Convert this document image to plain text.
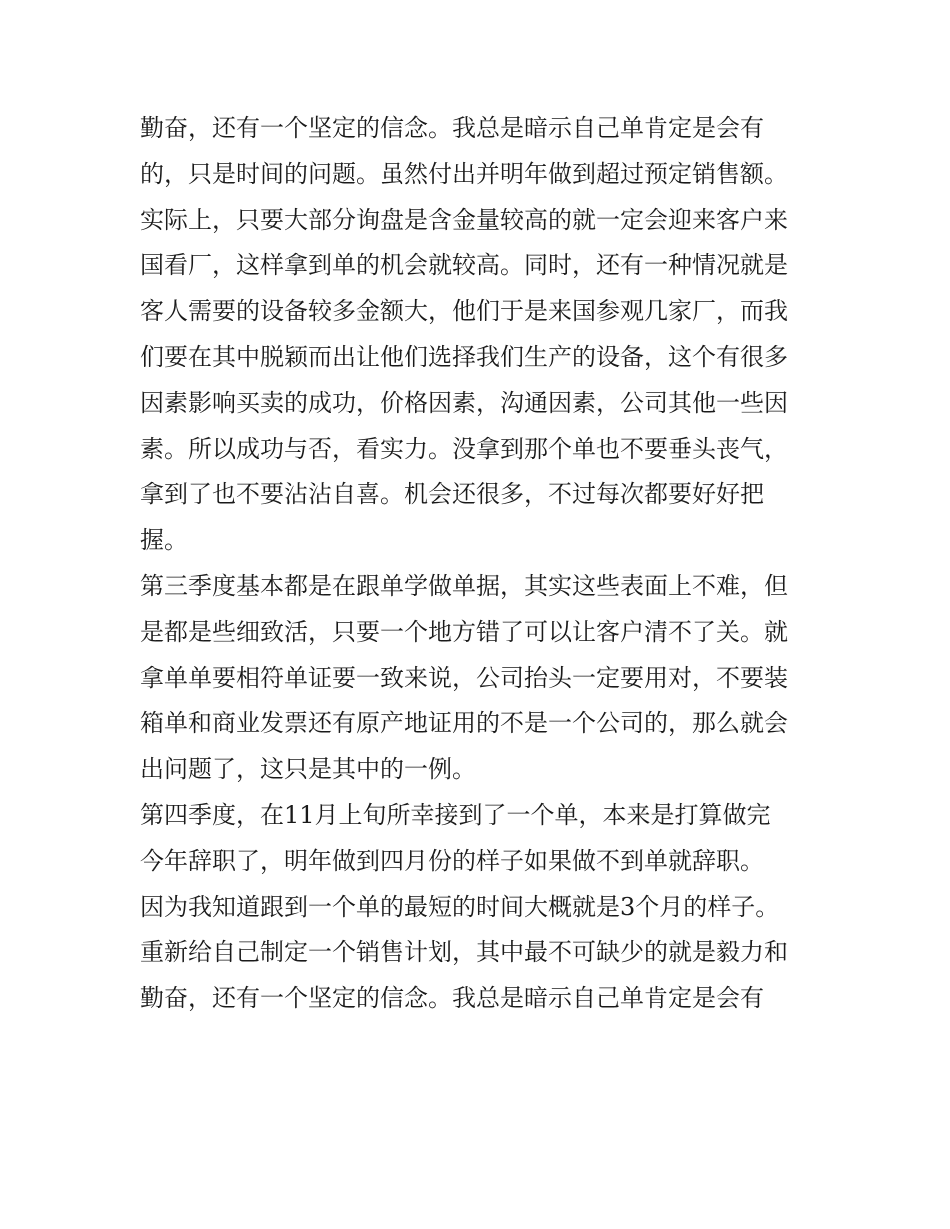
勤奋，还有一个坚定的信念。我总是暗示自己单肯定是会有
的，只是时间的问题。虽然付出并明年做到超过预定销售额。
实际上，只要大部分询盘是含金量较高的就一定会迎来客户来
国看厂，这样拿到单的机会就较高。同时，还有一种情况就是
客人需要的设备较多金额大，他们于是来国参观几家厂，而我
们要在其中脱颖而出让他们选择我们生产的设备，这个有很多
因素影响买卖的成功，价格因素，沟通因素，公司其他一些因
素。所以成功与否，看实力。没拿到那个单也不要垂头丧气，
拿到了也不要沾沾自喜。机会还很多，不过每次都要好好把
握。
第三季度基本都是在跟单学做单据，其实这些表面上不难，但
是都是些细致活，只要一个地方错了可以让客户清不了关。就
拿单单要相符单证要一致来说，公司抬头一定要用对，不要装
箱单和商业发票还有原产地证用的不是一个公司的，那么就会
出问题了，这只是其中的一例。
第四季度，在11月上旬所幸接到了一个单，本来是打算做完
今年辞职了，明年做到四月份的样子如果做不到单就辞职。
因为我知道跟到一个单的最短的时间大概就是3个月的样子。
重新给自己制定一个销售计划，其中最不可缺少的就是毅力和
勤奋，还有一个坚定的信念。我总是暗示自己单肯定是会有
